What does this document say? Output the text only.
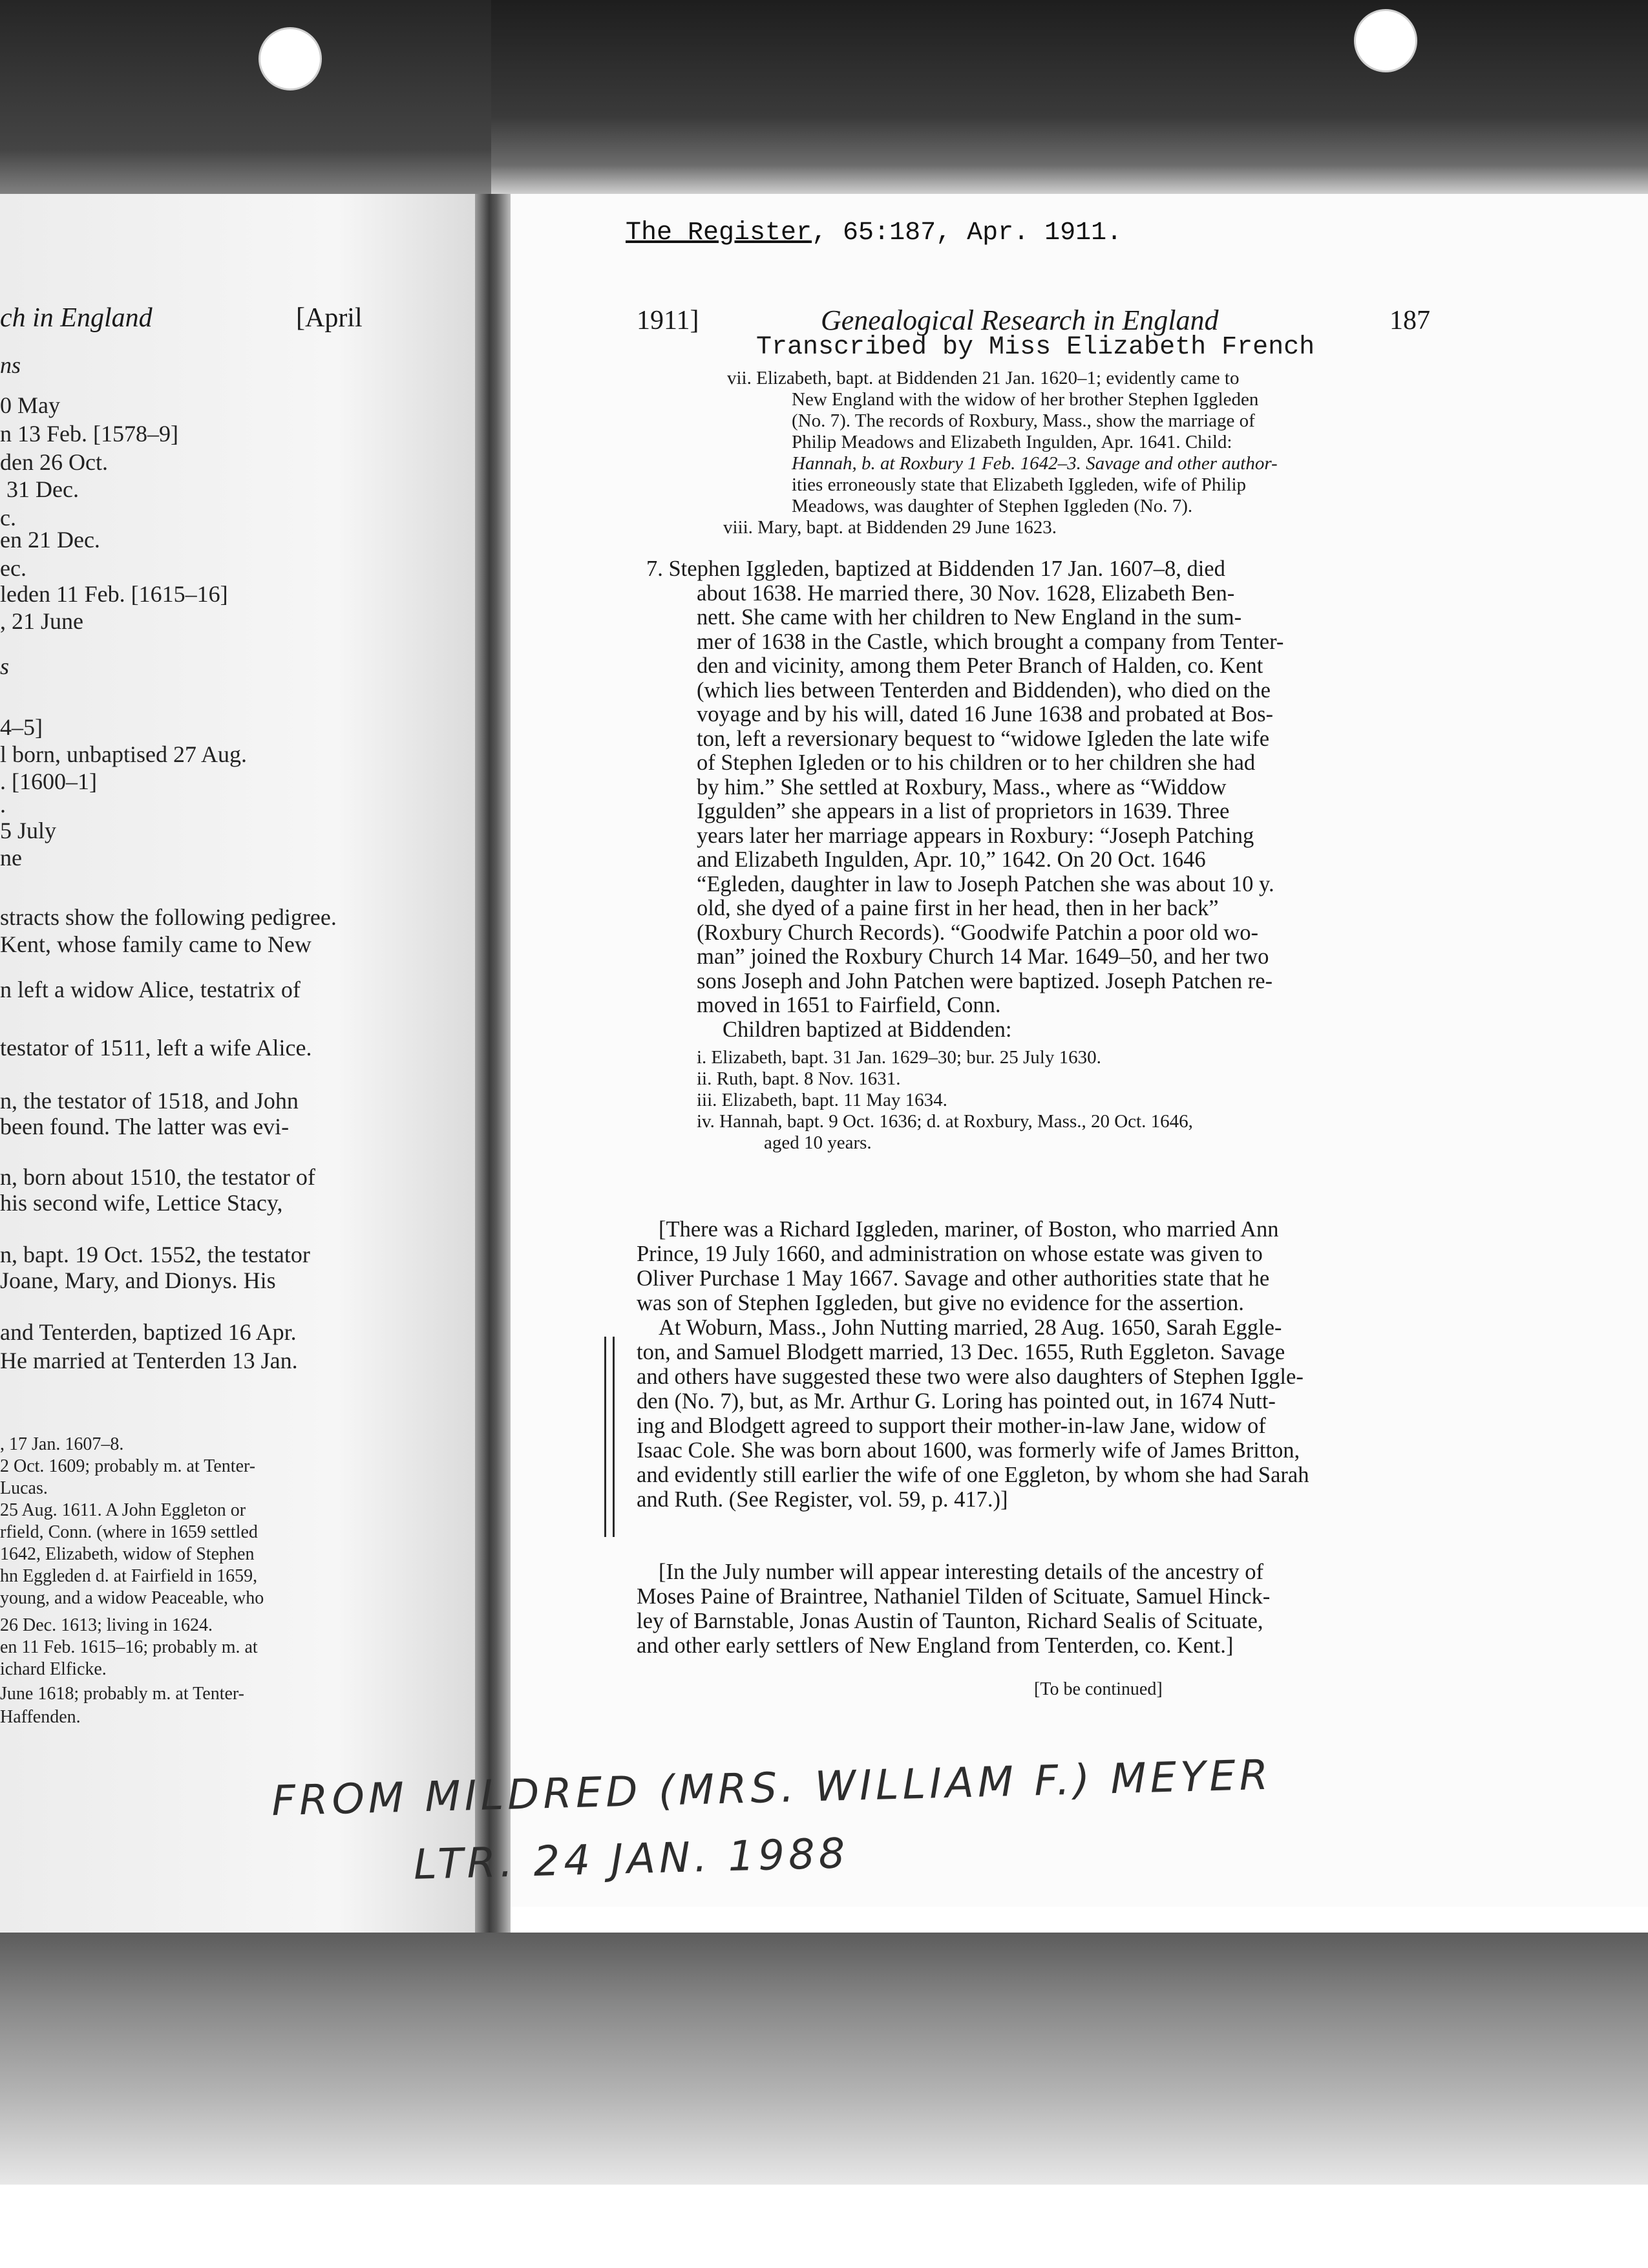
ch in England	[April
ns
0 May
n 13 Feb. [1578–9]
den 26 Oct.
31 Dec.
c.
en 21 Dec.
ec.
leden 11 Feb. [1615–16]
, 21 June
s
4–5]
l born, unbaptised 27 Aug.
. [1600–1]
.
5 July
ne
stracts show the following pedigree.
Kent, whose family came to New
n left a widow Alice, testatrix of
testator of 1511, left a wife Alice.
n, the testator of 1518, and John
been found. The latter was evi-
n, born about 1510, the testator of
his second wife, Lettice Stacy,
n, bapt. 19 Oct. 1552, the testator
Joane, Mary, and Dionys. His
and Tenterden, baptized 16 Apr.
He married at Tenterden 13 Jan.
, 17 Jan. 1607–8.
2 Oct. 1609; probably m. at Tenter-
Lucas.
25 Aug. 1611. A John Eggleton or
rfield, Conn. (where in 1659 settled
1642, Elizabeth, widow of Stephen
hn Eggleden d. at Fairfield in 1659,
young, and a widow Peaceable, who
26 Dec. 1613; living in 1624.
en 11 Feb. 1615–16; probably m. at
ichard Elficke.
June 1618; probably m. at Tenter-
Haffenden.
The Register, 65:187, Apr. 1911.
1911]	Genealogical Research in England	187
Transcribed by Miss Elizabeth French
vii. Elizabeth, bapt. at Biddenden 21 Jan. 1620–1; evidently came to
New England with the widow of her brother Stephen Iggleden
(No. 7). The records of Roxbury, Mass., show the marriage of
Philip Meadows and Elizabeth Ingulden, Apr. 1641. Child:
Hannah, b. at Roxbury 1 Feb. 1642–3. Savage and other author-
ities erroneously state that Elizabeth Iggleden, wife of Philip
Meadows, was daughter of Stephen Iggleden (No. 7).
viii. Mary, bapt. at Biddenden 29 June 1623.
7. Stephen Iggleden, baptized at Biddenden 17 Jan. 1607–8, died
about 1638. He married there, 30 Nov. 1628, Elizabeth Ben-
nett. She came with her children to New England in the sum-
mer of 1638 in the Castle, which brought a company from Tenter-
den and vicinity, among them Peter Branch of Halden, co. Kent
(which lies between Tenterden and Biddenden), who died on the
voyage and by his will, dated 16 June 1638 and probated at Bos-
ton, left a reversionary bequest to “widowe Igleden the late wife
of Stephen Igleden or to his children or to her children she had
by him.” She settled at Roxbury, Mass., where as “Widdow
Iggulden” she appears in a list of proprietors in 1639. Three
years later her marriage appears in Roxbury: “Joseph Patching
and Elizabeth Ingulden, Apr. 10,” 1642. On 20 Oct. 1646
“Egleden, daughter in law to Joseph Patchen she was about 10 y.
old, she dyed of a paine first in her head, then in her back”
(Roxbury Church Records). “Goodwife Patchin a poor old wo-
man” joined the Roxbury Church 14 Mar. 1649–50, and her two
sons Joseph and John Patchen were baptized. Joseph Patchen re-
moved in 1651 to Fairfield, Conn.
Children baptized at Biddenden:
i. Elizabeth, bapt. 31 Jan. 1629–30; bur. 25 July 1630.
ii. Ruth, bapt. 8 Nov. 1631.
iii. Elizabeth, bapt. 11 May 1634.
iv. Hannah, bapt. 9 Oct. 1636; d. at Roxbury, Mass., 20 Oct. 1646,
aged 10 years.
[There was a Richard Iggleden, mariner, of Boston, who married Ann
Prince, 19 July 1660, and administration on whose estate was given to
Oliver Purchase 1 May 1667. Savage and other authorities state that he
was son of Stephen Iggleden, but give no evidence for the assertion.
At Woburn, Mass., John Nutting married, 28 Aug. 1650, Sarah Eggle-
ton, and Samuel Blodgett married, 13 Dec. 1655, Ruth Eggleton. Savage
and others have suggested these two were also daughters of Stephen Iggle-
den (No. 7), but, as Mr. Arthur G. Loring has pointed out, in 1674 Nutt-
ing and Blodgett agreed to support their mother-in-law Jane, widow of
Isaac Cole. She was born about 1600, was formerly wife of James Britton,
and evidently still earlier the wife of one Eggleton, by whom she had Sarah
and Ruth. (See Register, vol. 59, p. 417.)]
[In the July number will appear interesting details of the ancestry of
Moses Paine of Braintree, Nathaniel Tilden of Scituate, Samuel Hinck-
ley of Barnstable, Jonas Austin of Taunton, Richard Sealis of Scituate,
and other early settlers of New England from Tenterden, co. Kent.]
[To be continued]
FROM MILDRED (MRS. WILLIAM F.) MEYER
LTR. 24 JAN. 1988
